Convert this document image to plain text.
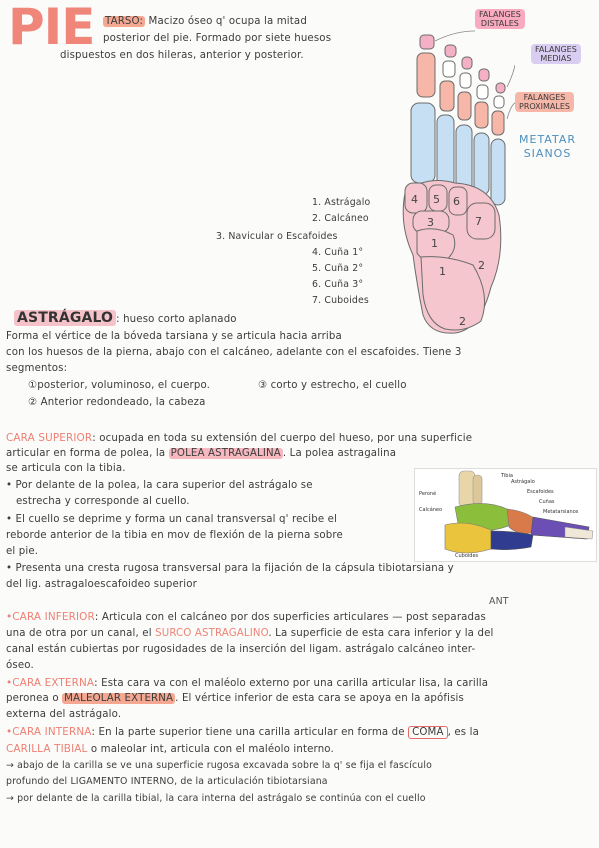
PIE TARSO: Macizo óseo q' ocupa la mitad
posterior del pie. Formado por siete huesos
dispuestos en dos hileras, anterior y posterior.
4 5 6
3	7
1
2
1
2
FALANGES
DISTALES
FALANGES
MEDIAS
FALANGES
PROXIMALES
METATAR
SIANOS
1. Astrágalo
2. Calcáneo
3. Navicular o Escafoides
4. Cuña 1°
5. Cuña 2°
6. Cuña 3°
7. Cuboides
ASTRÁGALO : hueso corto aplanado
Forma el vértice de la bóveda tarsiana y se articula hacia arriba
con los huesos de la pierna, abajo con el calcáneo, adelante con el escafoides. Tiene 3
segmentos:
①posterior, voluminoso, el cuerpo.	③ corto y estrecho, el cuello
② Anterior redondeado, la cabeza
CARA SUPERIOR: ocupada en toda su extensión del cuerpo del hueso, por una superficie
articular en forma de polea, la POLEA ASTRAGALINA . La polea astragalina
se articula con la tibia.
• Por delante de la polea, la cara superior del astrágalo se
estrecha y corresponde al cuello.
• El cuello se deprime y forma un canal transversal q' recibe el
reborde anterior de la tibia en mov de flexión de la pierna sobre
el pie.
• Presenta una cresta rugosa transversal para la fijación de la cápsula tibiotarsiana y
del lig. astragaloescafoideo superior
Tibia
Astrágalo
Peroné	Escafoides
Cuñas
Calcáneo	Metatarsianos
Cuboides
ANT
•CARA INFERIOR: Articula con el calcáneo por dos superficies articulares — post separadas
una de otra por un canal, el SURCO ASTRAGALINO. La superficie de esta cara inferior y la del
canal están cubiertas por rugosidades de la inserción del ligam. astrágalo calcáneo inter-
óseo.
•CARA EXTERNA: Esta cara va con el maléolo externo por una carilla articular lisa, la carilla
peronea o MALEOLAR EXTERNA . El vértice inferior de esta cara se apoya en la apófisis
externa del astrágalo.
•CARA INTERNA: En la parte superior tiene una carilla articular en forma de COMA , es la
CARILLA TIBIAL o maleolar int, articula con el maléolo interno.
→ abajo de la carilla se ve una superficie rugosa excavada sobre la q' se fija el fascículo
profundo del LIGAMENTO INTERNO, de la articulación tibiotarsiana
→ por delante de la carilla tibial, la cara interna del astrágalo se continúa con el cuello
